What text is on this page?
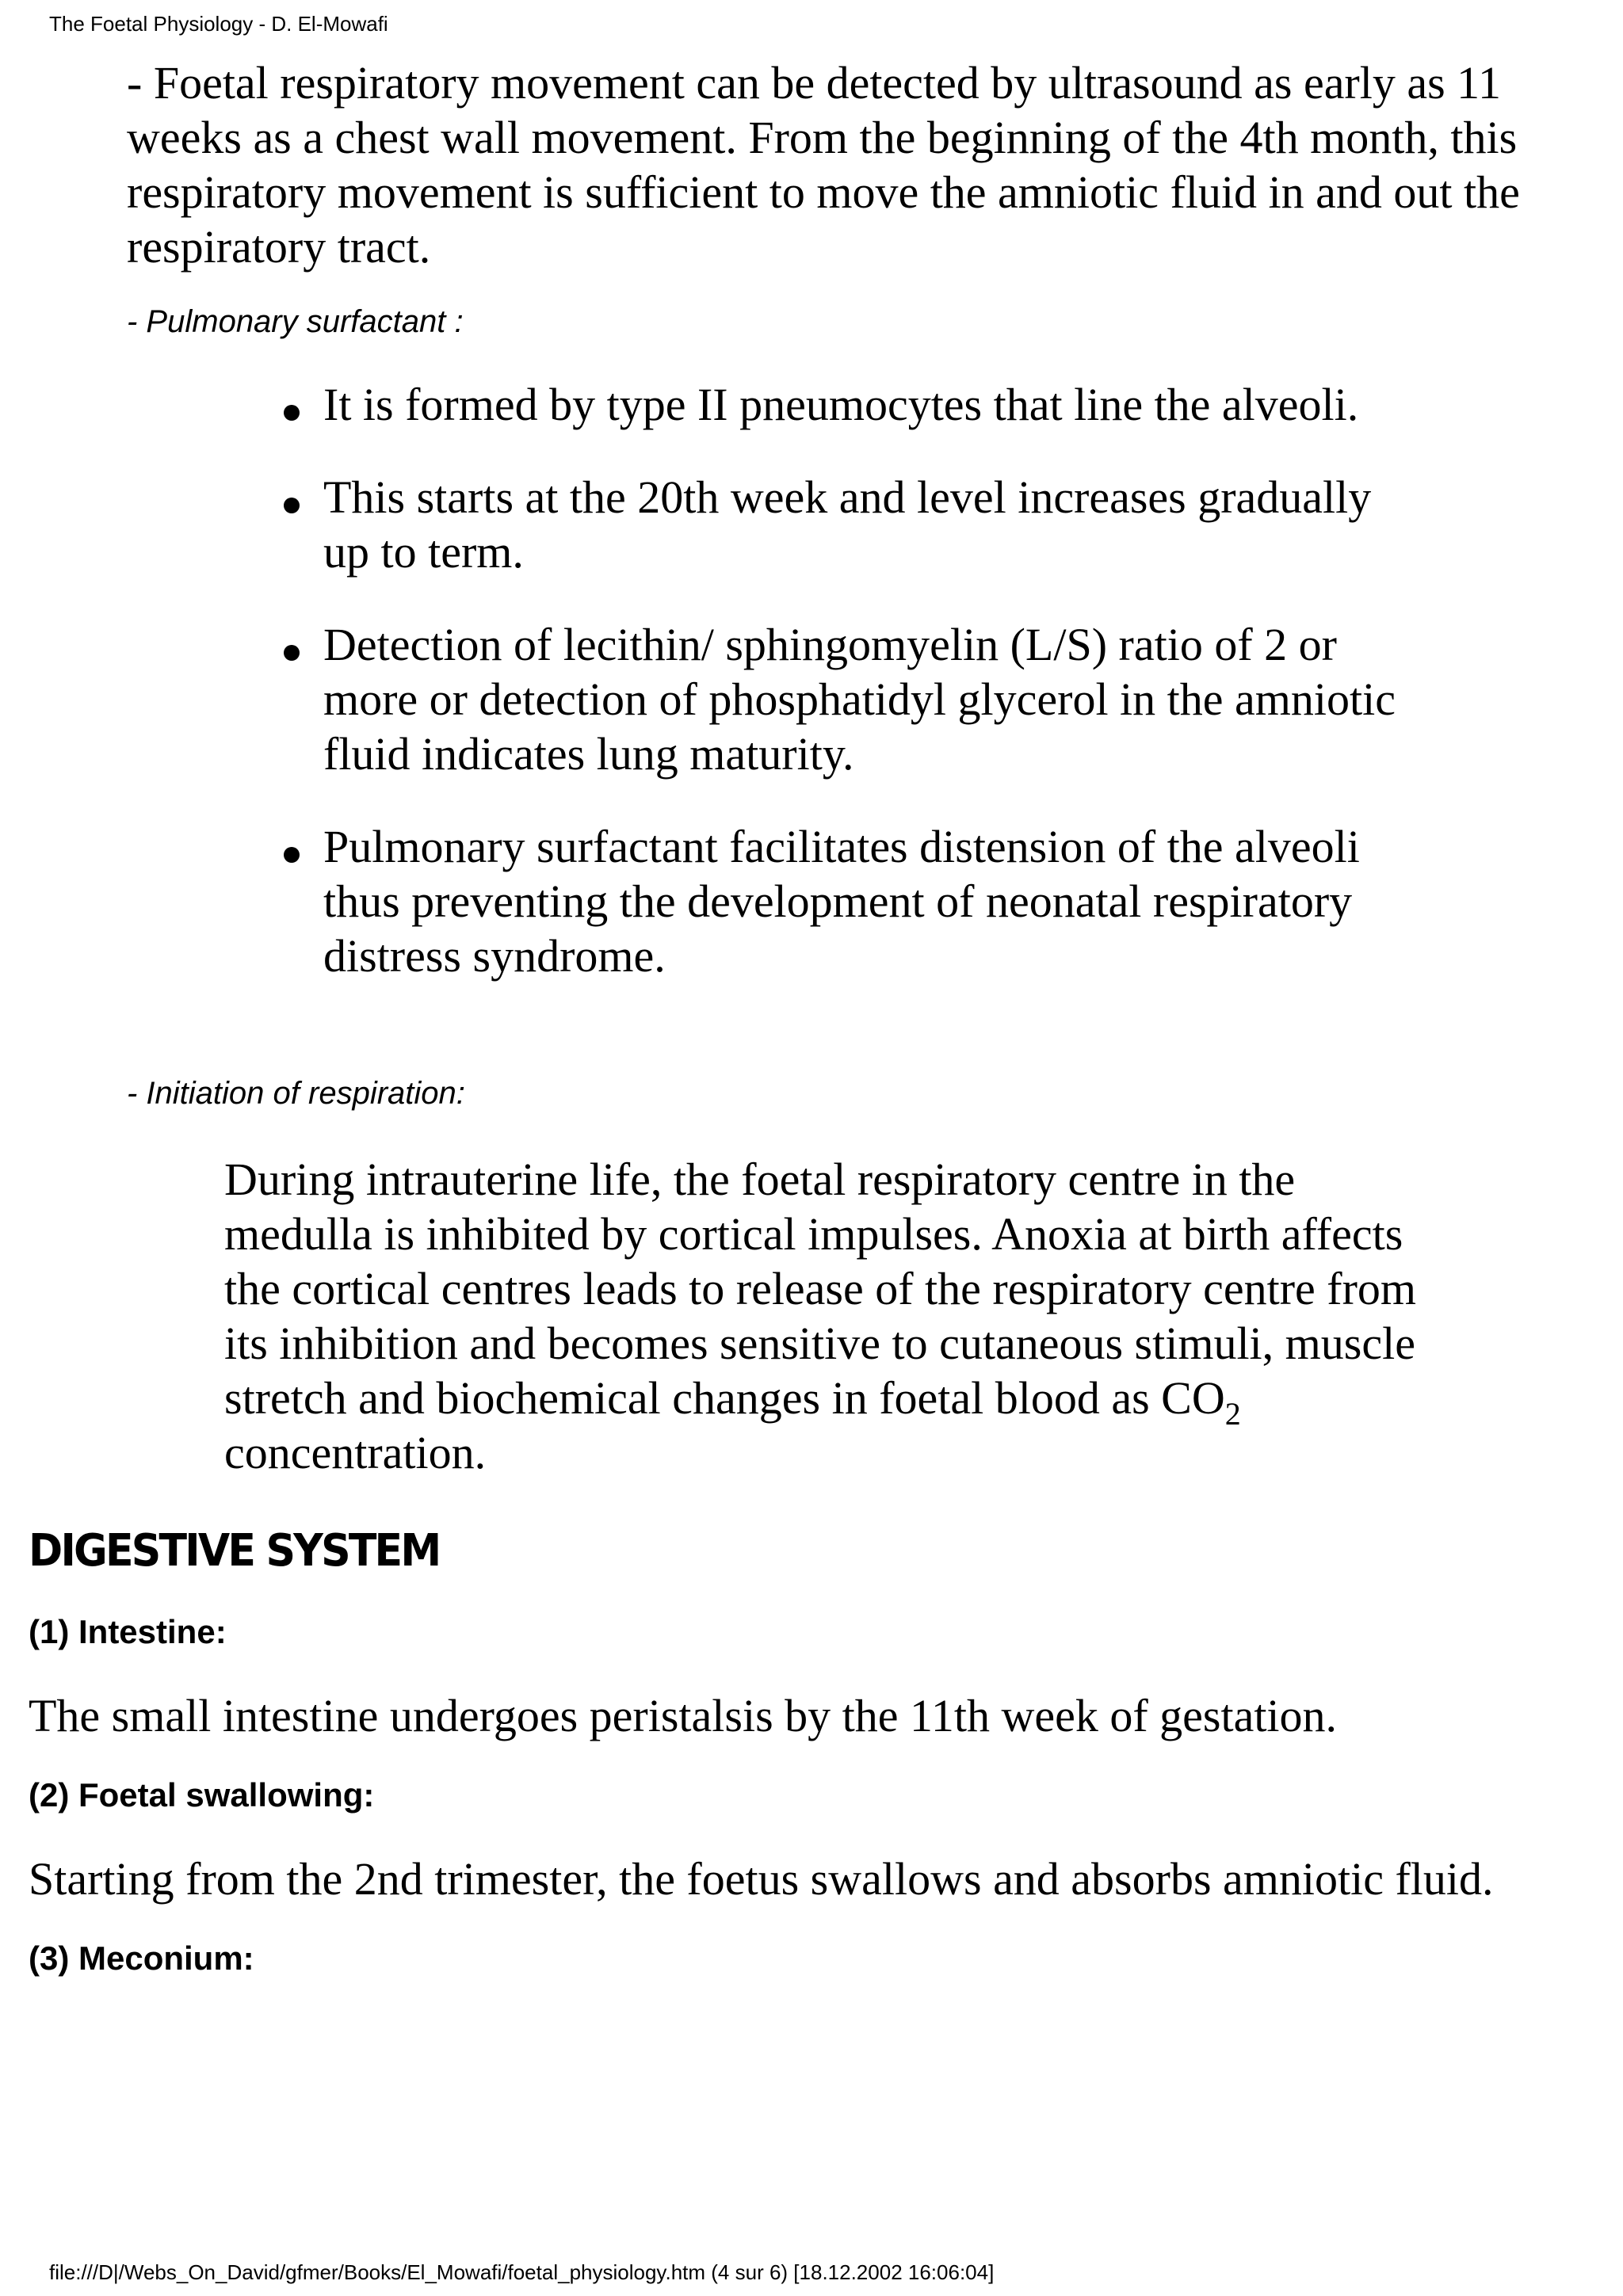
The Foetal Physiology - D. El-Mowafi

- Foetal respiratory movement can be detected by ultrasound as early as 11 weeks as a chest wall movement. From the beginning of the 4th month, this respiratory movement is sufficient to move the amniotic fluid in and out the respiratory tract.

- Pulmonary surfactant :

It is formed by type II pneumocytes that line the alveoli.
This starts at the 20th week and level increases gradually up to term.
Detection of lecithin/ sphingomyelin (L/S) ratio of 2 or more or detection of phosphatidyl glycerol in the amniotic fluid indicates lung maturity.
Pulmonary surfactant facilitates distension of the alveoli thus preventing the development of neonatal respiratory distress syndrome.

- Initiation of respiration:

During intrauterine life, the foetal respiratory centre in the medulla is inhibited by cortical impulses. Anoxia at birth affects the cortical centres leads to release of the respiratory centre from its inhibition and becomes sensitive to cutaneous stimuli, muscle stretch and biochemical changes in foetal blood as $CO_2$ concentration.

DIGESTIVE SYSTEM
(1) Intestine:

The small intestine undergoes peristalsis by the 11th week of gestation.

(2) Foetal swallowing:

Starting from the 2nd trimester, the foetus swallows and absorbs amniotic fluid.

(3) Meconium:
file:///D|/Webs_On_David/gfmer/Books/El_Mowafi/foetal_physiology.htm (4 sur 6) [18.12.2002 16:06:04]
